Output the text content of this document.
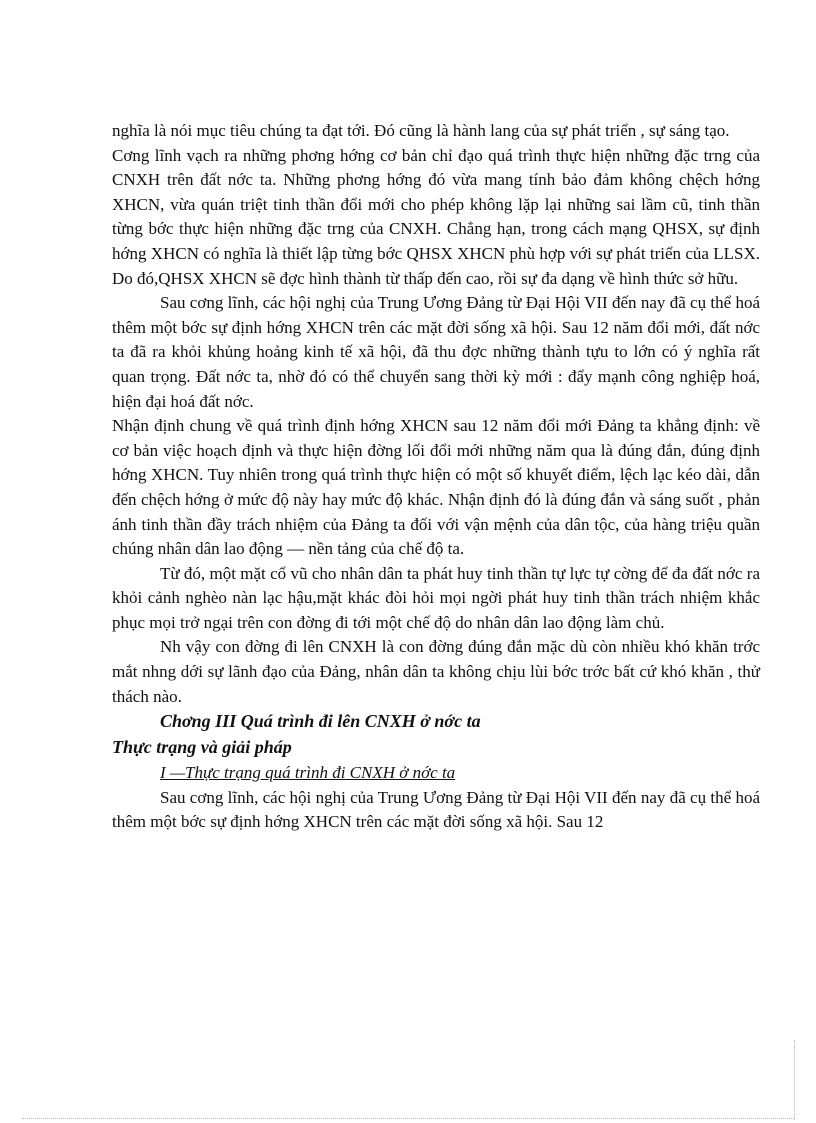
nghĩa là nói mục tiêu chúng ta đạt tới. Đó cũng là hành lang của sự phát triển , sự sáng tạo.

Cơng lĩnh vạch ra những phơng hớng cơ bản chỉ đạo quá trình thực hiện những đặc trng của CNXH trên đất nớc ta. Những phơng hớng đó vừa mang tính bảo đảm không chệch hớng XHCN, vừa quán triệt tinh thần đổi mới cho phép không lặp lại những sai lầm cũ, tinh thần từng bớc thực hiện những đặc trng của CNXH. Chẳng hạn, trong cách mạng QHSX, sự định hớng XHCN có nghĩa là thiết lập từng bớc QHSX XHCN phù hợp với sự phát triển của LLSX. Do đó,QHSX XHCN sẽ đợc hình thành từ thấp đến cao, rồi sự đa dạng về hình thức sở hữu.

Sau cơng lĩnh, các hội nghị của Trung Ương Đảng từ Đại Hội VII đến nay đã cụ thể hoá thêm một bớc sự định hớng XHCN trên các mặt đời sống xã hội. Sau 12 năm đổi mới, đất nớc ta đã ra khỏi khủng hoảng kinh tế xã hội, đã thu đợc những thành tựu to lớn có ý nghĩa rất quan trọng. Đất nớc ta, nhờ đó có thể chuyển sang thời kỳ mới : đẩy mạnh công nghiệp hoá, hiện đại hoá đất nớc.

Nhận định chung về quá trình định hớng XHCN sau 12 năm đổi mới Đảng ta khẳng định: về cơ bản việc hoạch định và thực hiện đờng lối đổi mới những năm qua là đúng đắn, đúng định hớng XHCN. Tuy nhiên trong quá trình thực hiện có một số khuyết điểm, lệch lạc kéo dài, dẫn đến chệch hớng ở mức độ này hay mức độ khác. Nhận định đó là đúng đắn và sáng suốt , phản ánh tinh thần đầy trách nhiệm của Đảng ta đối với vận mệnh của dân tộc, của hàng triệu quần chúng nhân dân lao động — nền tảng của chế độ ta.

Từ đó, một mặt cổ vũ cho nhân dân ta phát huy tinh thần tự lực tự cờng để đa đất nớc ra khỏi cảnh nghèo nàn lạc hậu,mặt khác đòi hỏi mọi ngời phát huy tinh thần trách nhiệm khắc phục mọi trở ngại trên con đờng đi tới một chế độ do nhân dân lao động làm chủ.

Nh vậy con đờng đi lên CNXH là con đờng đúng đắn mặc dù còn nhiều khó khăn trớc mắt nhng dới sự lãnh đạo của Đảng, nhân dân ta không chịu lùi bớc trớc bất cứ khó khăn , thử thách nào.

Chơng III Quá trình đi lên CNXH ở nớc ta
Thực trạng và giải pháp
I —Thực trạng quá trình đi CNXH ở nớc ta

Sau cơng lĩnh, các hội nghị của Trung Ương Đảng từ Đại Hội VII đến nay đã cụ thể hoá thêm một bớc sự định hớng XHCN trên các mặt đời sống xã hội. Sau 12
